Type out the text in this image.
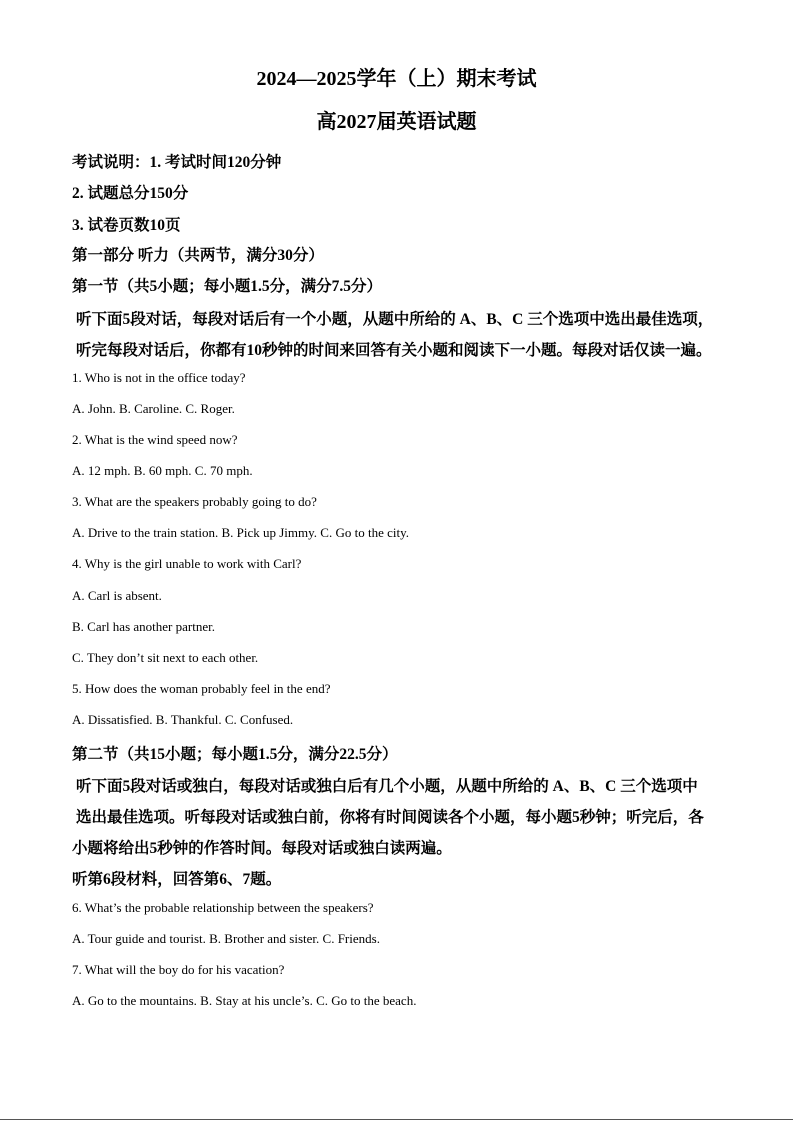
2024—2025学年（上）期末考试
高2027届英语试题
考试说明：1. 考试时间120分钟
2. 试题总分150分
3. 试卷页数10页
第一部分 听力（共两节，满分30分）
第一节（共5小题；每小题1.5分，满分7.5分）
听下面5段对话，每段对话后有一个小题，从题中所给的 A、B、C 三个选项中选出最佳选项，
听完每段对话后，你都有10秒钟的时间来回答有关小题和阅读下一小题。每段对话仅读一遍。
1. Who is not in the office today?
A. John. B. Caroline. C. Roger.
2. What is the wind speed now?
A. 12 mph. B. 60 mph. C. 70 mph.
3. What are the speakers probably going to do?
A. Drive to the train station. B. Pick up Jimmy. C. Go to the city.
4. Why is the girl unable to work with Carl?
A. Carl is absent.
B. Carl has another partner.
C. They don’t sit next to each other.
5. How does the woman probably feel in the end?
A. Dissatisfied. B. Thankful. C. Confused.
第二节（共15小题；每小题1.5分，满分22.5分）
听下面5段对话或独白，每段对话或独白后有几个小题，从题中所给的 A、B、C 三个选项中
选出最佳选项。听每段对话或独白前，你将有时间阅读各个小题，每小题5秒钟；听完后，各
小题将给出5秒钟的作答时间。每段对话或独白读两遍。
听第6段材料，回答第6、7题。
6. What’s the probable relationship between the speakers?
A. Tour guide and tourist. B. Brother and sister. C. Friends.
7. What will the boy do for his vacation?
A. Go to the mountains. B. Stay at his uncle’s. C. Go to the beach.
